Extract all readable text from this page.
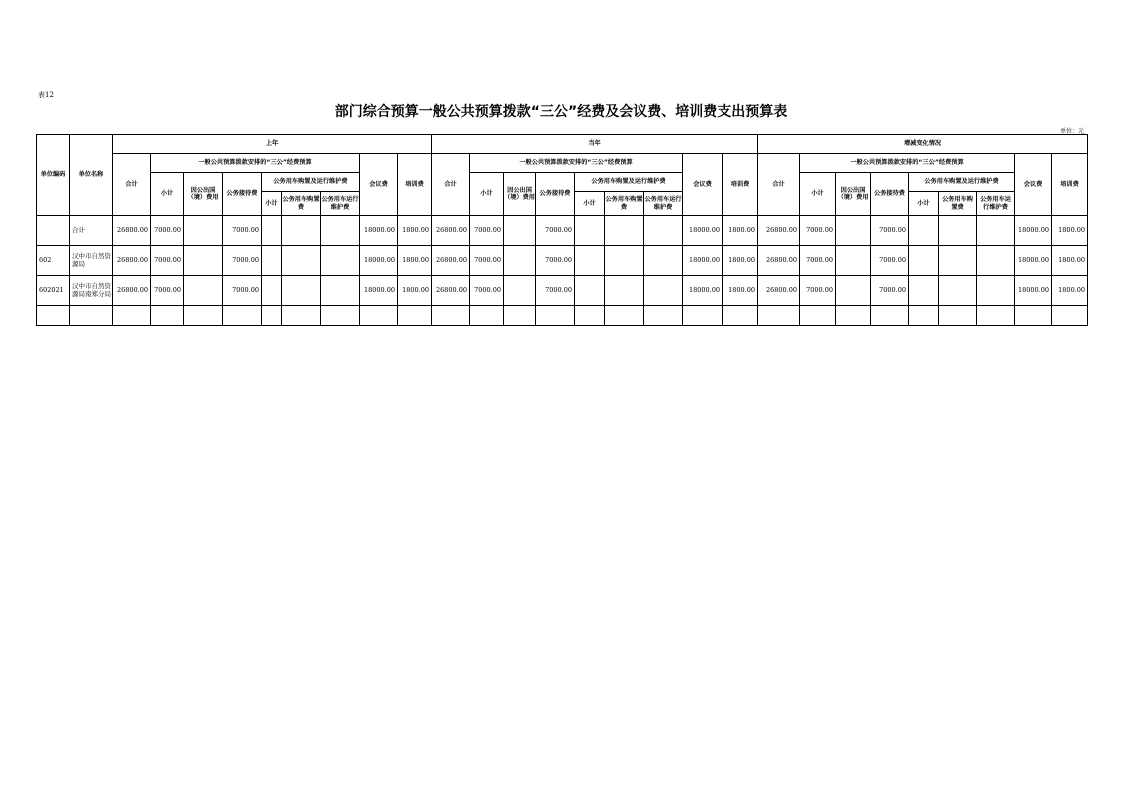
表12
部门综合预算一般公共预算拨款“三公”经费及会议费、培训费支出预算表
单位：元
单位编码	单位名称	上年									当年									增减变化情况								
		合计	一般公共预算拨款安排的“三公”经费预算						会议费	培训费	合计	一般公共预算拨款安排的“三公”经费预算						会议费	培训费	合计	一般公共预算拨款安排的“三公”经费预算						会议费	培训费
			小计	因公出国（境）费用	公务接待费	公务用车购置及运行维护费						小计	因公出国（境）费用	公务接待费	公务用车购置及运行维护费						小计	因公出国（境）费用	公务接待费	公务用车购置及运行维护费				
						小计	公务用车购置费	公务用车运行维护费							小计	公务用车购置费	公务用车运行维护费							小计	公务用车购置费	公务用车运行维护费		
	合计	26800.00	7000.00		7000.00				18000.00	1800.00	26800.00	7000.00		7000.00				18000.00	1800.00	26800.00	7000.00		7000.00				18000.00	1800.00
602	汉中市自然资源局	26800.00	7000.00		7000.00				18000.00	1800.00	26800.00	7000.00		7000.00				18000.00	1800.00	26800.00	7000.00		7000.00				18000.00	1800.00
602021	汉中市自然资源局南郑分局	26800.00	7000.00		7000.00				18000.00	1800.00	26800.00	7000.00		7000.00				18000.00	1800.00	26800.00	7000.00		7000.00				18000.00	1800.00
